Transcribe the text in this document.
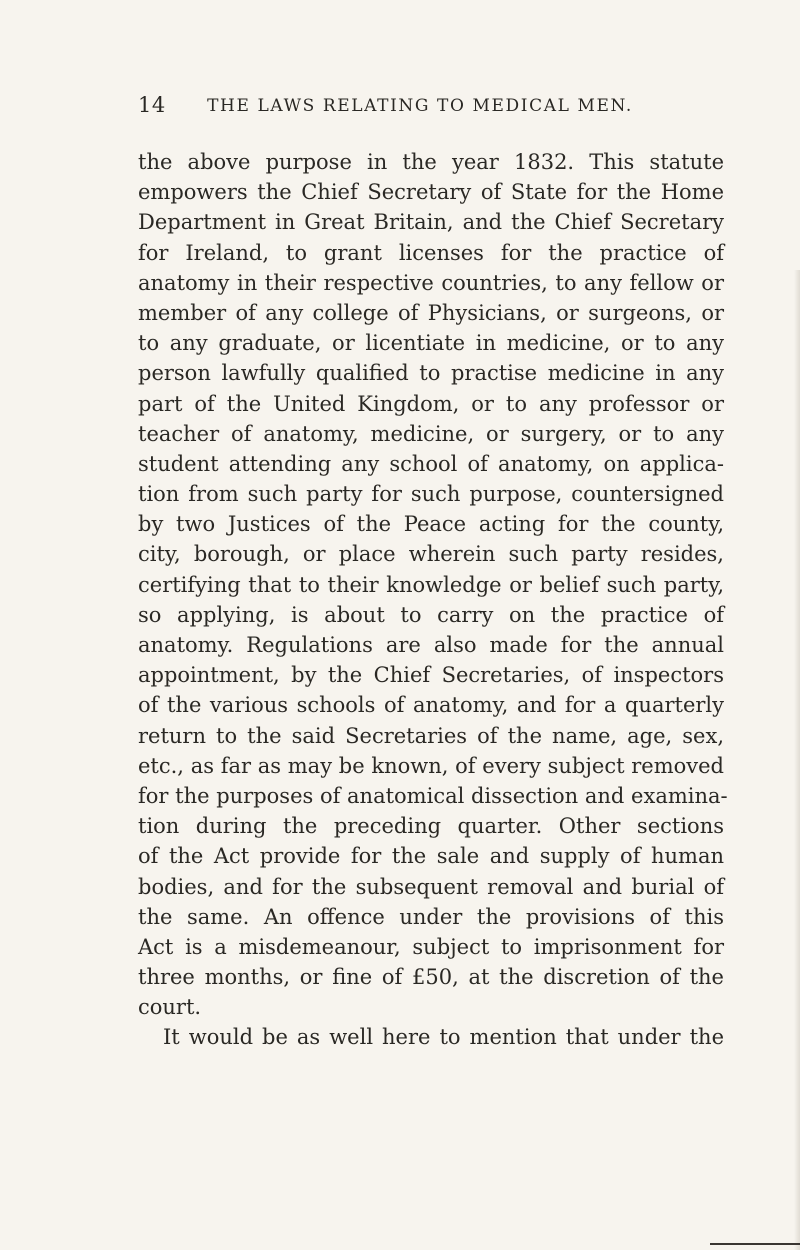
14	THE LAWS RELATING TO MEDICAL MEN.
the above purpose in the year 1832. This statute
empowers the Chief Secretary of State for the Home
Department in Great Britain, and the Chief Secretary
for Ireland, to grant licenses for the practice of
anatomy in their respective countries, to any fellow or
member of any college of Physicians, or surgeons, or
to any graduate, or licentiate in medicine, or to any
person lawfully qualified to practise medicine in any
part of the United Kingdom, or to any professor or
teacher of anatomy, medicine, or surgery, or to any
student attending any school of anatomy, on applica-
tion from such party for such purpose, countersigned
by two Justices of the Peace acting for the county,
city, borough, or place wherein such party resides,
certifying that to their knowledge or belief such party,
so applying, is about to carry on the practice of
anatomy. Regulations are also made for the annual
appointment, by the Chief Secretaries, of inspectors
of the various schools of anatomy, and for a quarterly
return to the said Secretaries of the name, age, sex,
etc., as far as may be known, of every subject removed
for the purposes of anatomical dissection and examina-
tion during the preceding quarter. Other sections
of the Act provide for the sale and supply of human
bodies, and for the subsequent removal and burial of
the same. An offence under the provisions of this
Act is a misdemeanour, subject to imprisonment for
three months, or fine of £50, at the discretion of the
court.
It would be as well here to mention that under the
